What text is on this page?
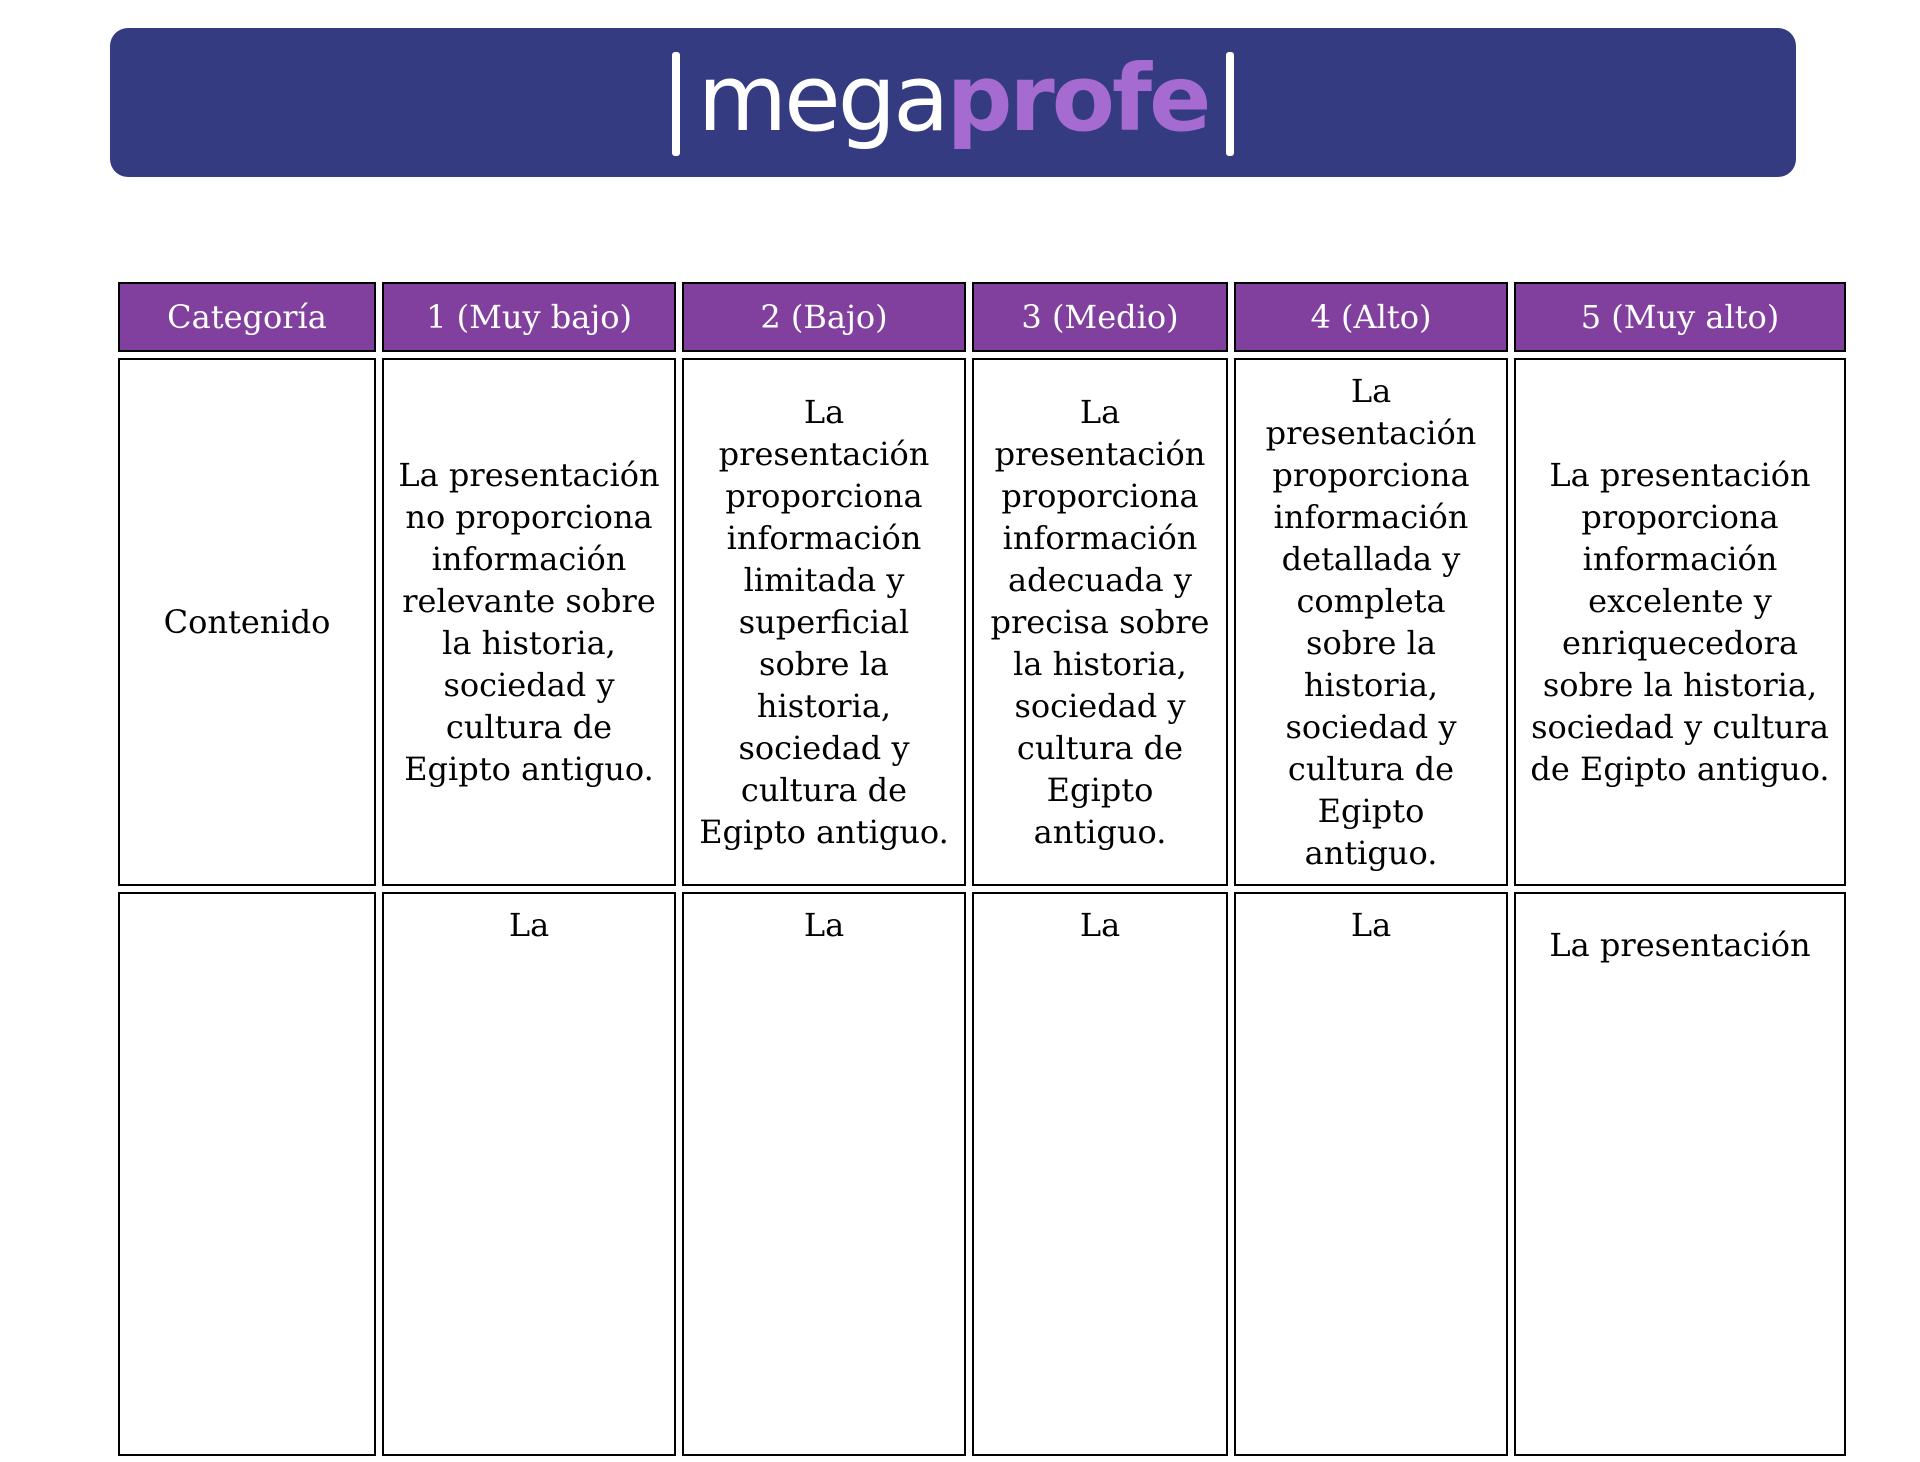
mega profe
Categoría	1 (Muy bajo)	2 (Bajo)	3 (Medio)	4 (Alto)	5 (Muy alto)
Contenido	La presentación no proporciona información relevante sobre la historia, sociedad y cultura de Egipto antiguo.	La presentación proporciona información limitada y superficial sobre la historia, sociedad y cultura de Egipto antiguo.	La presentación proporciona información adecuada y precisa sobre la historia, sociedad y cultura de Egipto antiguo.	La presentación proporciona información detallada y completa sobre la historia, sociedad y cultura de Egipto antiguo.	La presentación proporciona información excelente y enriquecedora sobre la historia, sociedad y cultura de Egipto antiguo.
	La	La	La	La	La presentación
